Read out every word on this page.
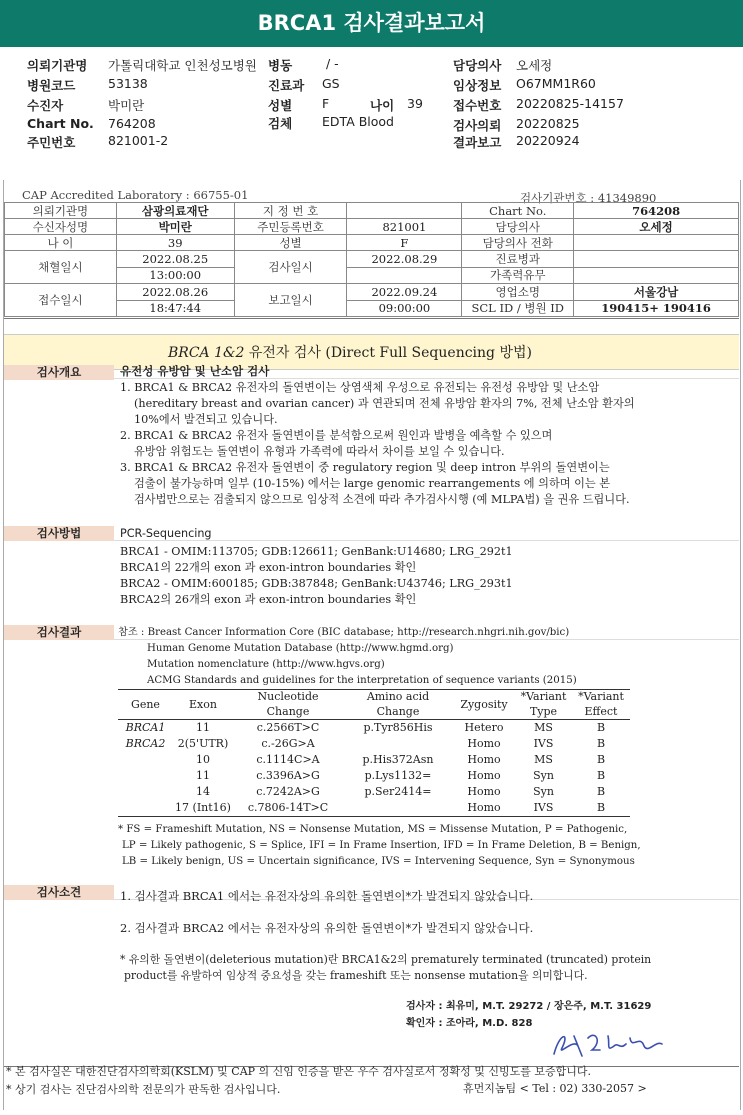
BRCA1 검사결과보고서
의뢰기관명 가톨릭대학교 인천성모병원
병원코드	53138
수진자	박미란
Chart No. 764208
주민번호	821001-2
병동	/ -
진료과 GS
성별 F	나이 39
검체 EDTA Blood
담당의사 오세정
임상정보 O67MM1R60
접수번호 20220825-14157
검사의뢰 20220825
결과보고 20220924
CAP Accredited Laboratory : 66755-01	검사기관번호 : 41349890
의뢰기관명	삼광의료재단	지 정 번 호		Chart No.	764208
수신자성명	박미란	주민등록번호	821001	담당의사	오세정
나 이	39	성별	F	담당의사 전화	
채혈일시	2022.08.25	검사일시	2022.08.29	진료병과	
	13:00:00			가족력유무	
접수일시	2022.08.26	보고일시	2022.09.24	영업소명	서울강남
	18:47:44		09:00:00	SCL ID / 병원 ID	190415+ 190416
BRCA 1&2 유전자 검사 (Direct Full Sequencing 방법)
검사개요	유전성 유방암 및 난소암 검사
1. BRCA1 & BRCA2 유전자의 돌연변이는 상염색체 우성으로 유전되는 유전성 유방암 및 난소암
(hereditary breast and ovarian cancer) 과 연관되며 전체 유방암 환자의 7%, 전체 난소암 환자의
10%에서 발견되고 있습니다.
2. BRCA1 & BRCA2 유전자 돌연변이를 분석함으로써 원인과 발병을 예측할 수 있으며
유방암 위험도는 돌연변이 유형과 가족력에 따라서 차이를 보일 수 있습니다.
3. BRCA1 & BRCA2 유전자 돌연변이 중 regulatory region 및 deep intron 부위의 돌연변이는
검출이 불가능하며 일부 (10-15%) 에서는 large genomic rearrangements 에 의하며 이는 본
검사법만으로는 검출되지 않으므로 임상적 소견에 따라 추가검사시행 (예 MLPA법) 을 권유 드립니다.
검사방법	PCR-Sequencing
BRCA1 - OMIM:113705; GDB:126611; GenBank:U14680; LRG_292t1
BRCA1의 22개의 exon 과 exon-intron boundaries 확인
BRCA2 - OMIM:600185; GDB:387848; GenBank:U43746; LRG_293t1
BRCA2의 26개의 exon 과 exon-intron boundaries 확인
검사결과	참조 : Breast Cancer Information Core (BIC database; http://research.nhgri.nih.gov/bic)
Human Genome Mutation Database (http://www.hgmd.org)
Mutation nomenclature (http://www.hgvs.org)
ACMG Standards and guidelines for the interpretation of sequence variants (2015)
Gene	Exon	Nucleotide	Amino acid	Zygosity	*Variant	*Variant
		Change	Change		Type	Effect
BRCA1	11	c.2566T>C	p.Tyr856His	Hetero	MS	B
BRCA2	2(5'UTR)	c.-26G>A		Homo	IVS	B
	10	c.1114C>A	p.His372Asn	Homo	MS	B
	11	c.3396A>G	p.Lys1132=	Homo	Syn	B
	14	c.7242A>G	p.Ser2414=	Homo	Syn	B
	17 (Int16)	c.7806-14T>C		Homo	IVS	B
* FS = Frameshift Mutation, NS = Nonsense Mutation, MS = Missense Mutation, P = Pathogenic,
LP = Likely pathogenic, S = Splice, IFI = In Frame Insertion, IFD = In Frame Deletion, B = Benign,
LB = Likely benign, US = Uncertain significance, IVS = Intervening Sequence, Syn = Synonymous
검사소견	1. 검사결과 BRCA1 에서는 유전자상의 유의한 돌연변이*가 발견되지 않았습니다.
2. 검사결과 BRCA2 에서는 유전자상의 유의한 돌연변이*가 발견되지 않았습니다.
* 유의한 돌연변이(deleterious mutation)란 BRCA1&2의 prematurely terminated (truncated) protein
product를 유발하여 임상적 중요성을 갖는 frameshift 또는 nonsense mutation을 의미합니다.
검사자 : 최유미, M.T. 29272 / 장은주, M.T. 31629
확인자 : 조아라, M.D. 828
* 본 검사실은 대한진단검사의학회(KSLM) 및 CAP 의 신임 인증을 받은 우수 검사실로서 정확성 및 신빙도를 보증합니다.
* 상기 검사는 진단검사의학 전문의가 판독한 검사입니다.	휴먼지놈팀 < Tel : 02) 330-2057 >
